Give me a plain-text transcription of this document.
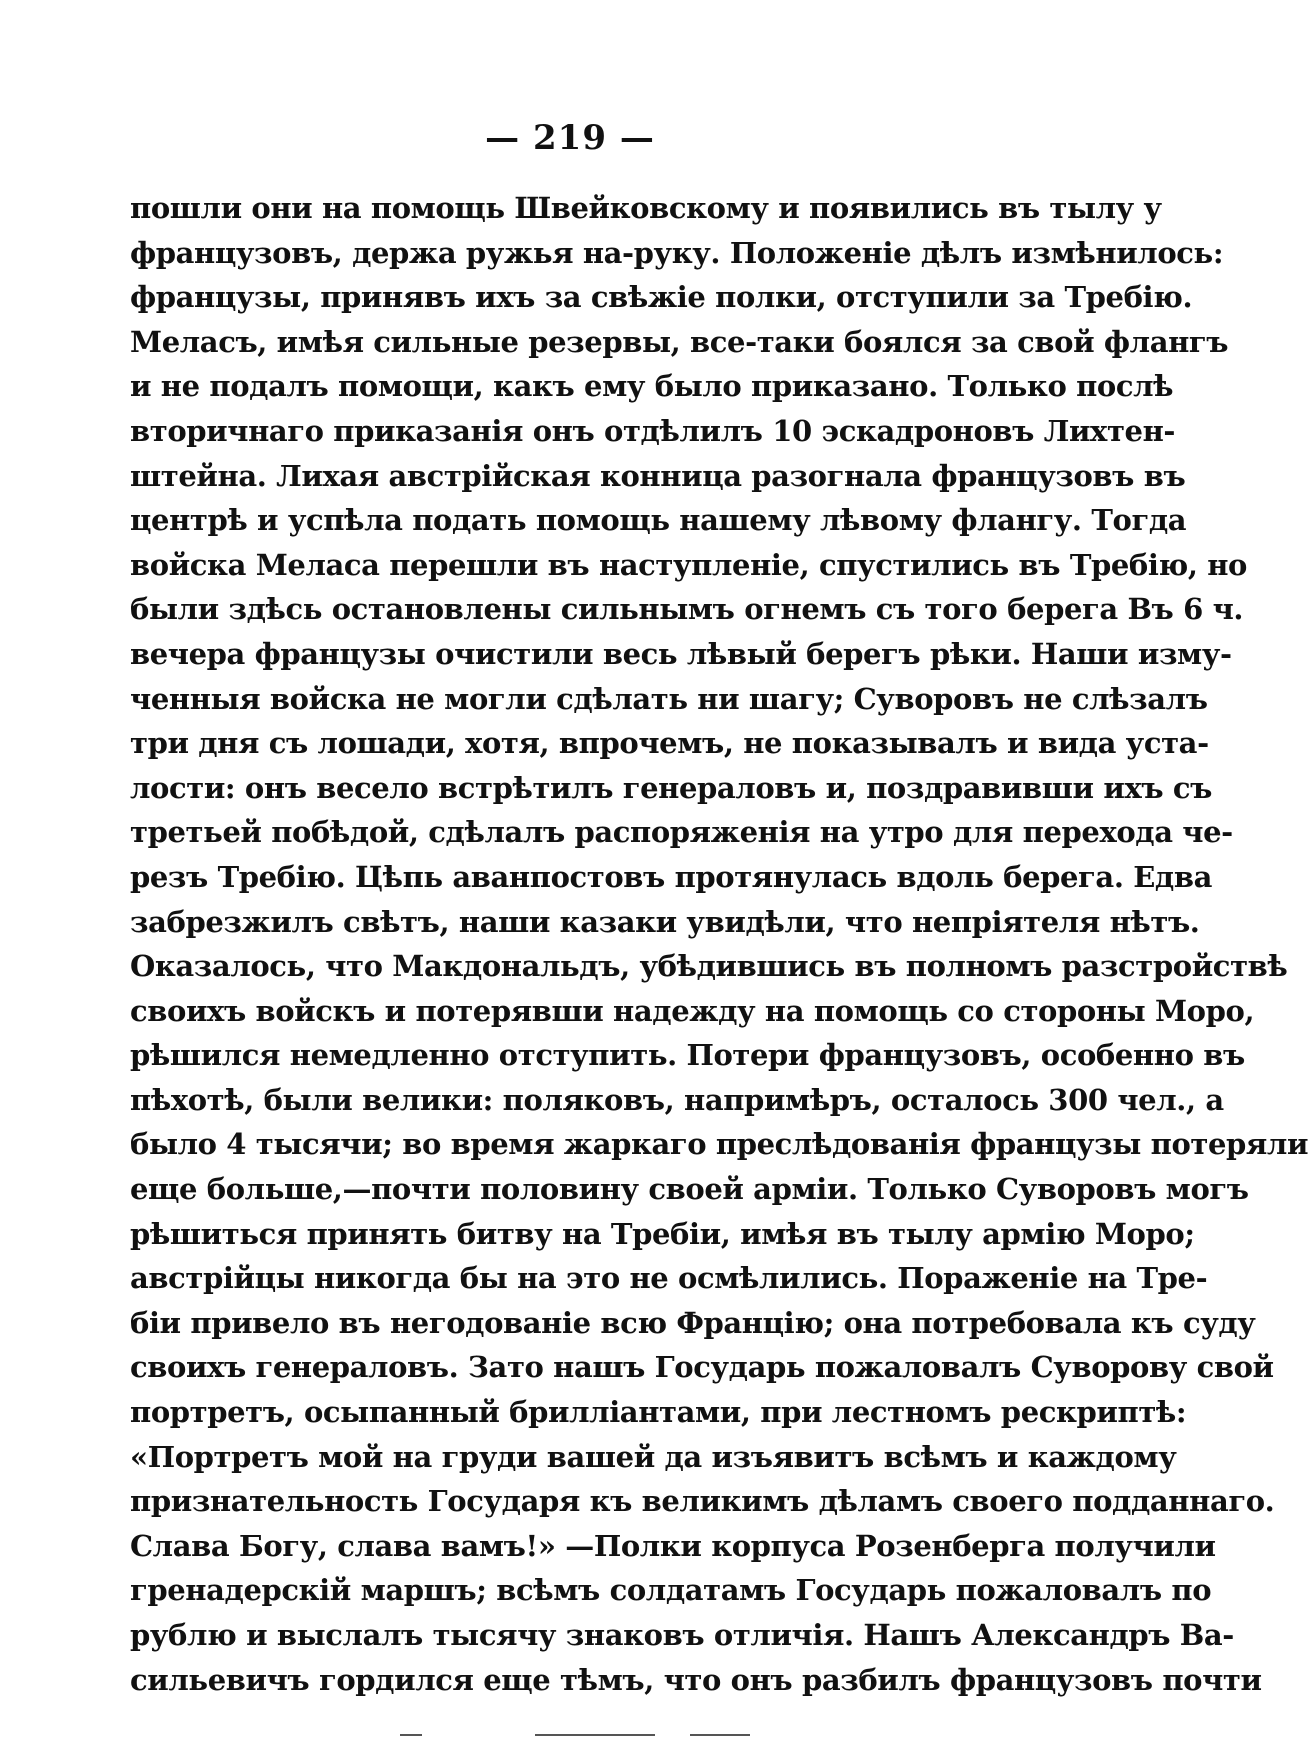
— 219 —
пошли они на помощь Швейковскому и появились въ тылу у
французовъ, держа ружья на-руку. Положеніе дѣлъ измѣнилось:
французы, принявъ ихъ за свѣжіе полки, отступили за Требію.
Меласъ, имѣя сильные резервы, все-таки боялся за свой флангъ
и не подалъ помощи, какъ ему было приказано. Только послѣ
вторичнаго приказанія онъ отдѣлилъ 10 эскадроновъ Лихтен-
штейна. Лихая австрійская конница разогнала французовъ въ
центрѣ и успѣла подать помощь нашему лѣвому флангу. Тогда
войска Меласа перешли въ наступленіе, спустились въ Требію, но
были здѣсь остановлены сильнымъ огнемъ съ того берега Въ 6 ч.
вечера французы очистили весь лѣвый берегъ рѣки. Наши изму-
ченныя войска не могли сдѣлать ни шагу; Суворовъ не слѣзалъ
три дня съ лошади, хотя, впрочемъ, не показывалъ и вида уста-
лости: онъ весело встрѣтилъ генераловъ и, поздравивши ихъ съ
третьей побѣдой, сдѣлалъ распоряженія на утро для перехода че-
резъ Требію. Цѣпь аванпостовъ протянулась вдоль берега. Едва
забрезжилъ свѣтъ, наши казаки увидѣли, что непріятеля нѣтъ.
Оказалось, что Макдональдъ, убѣдившись въ полномъ разстройствѣ
своихъ войскъ и потерявши надежду на помощь со стороны Моро,
рѣшился немедленно отступить. Потери французовъ, особенно въ
пѣхотѣ, были велики: поляковъ, напримѣръ, осталось 300 чел., а
было 4 тысячи; во время жаркаго преслѣдованія французы потеряли
еще больше,—почти половину своей арміи. Только Суворовъ могъ
рѣшиться принять битву на Требіи, имѣя въ тылу армію Моро;
австрійцы никогда бы на это не осмѣлились. Пораженіе на Тре-
біи привело въ негодованіе всю Францію; она потребовала къ суду
своихъ генераловъ. Зато нашъ Государь пожаловалъ Суворову свой
портретъ, осыпанный брилліантами, при лестномъ рескриптѣ:
«Портретъ мой на груди вашей да изъявитъ всѣмъ и каждому
признательность Государя къ великимъ дѣламъ своего подданнаго.
Слава Богу, слава вамъ!» —Полки корпуса Розенберга получили
гренадерскій маршъ; всѣмъ солдатамъ Государь пожаловалъ по
рублю и выслалъ тысячу знаковъ отличія. Нашъ Александръ Ва-
сильевичъ гордился еще тѣмъ, что онъ разбилъ французовъ почти
